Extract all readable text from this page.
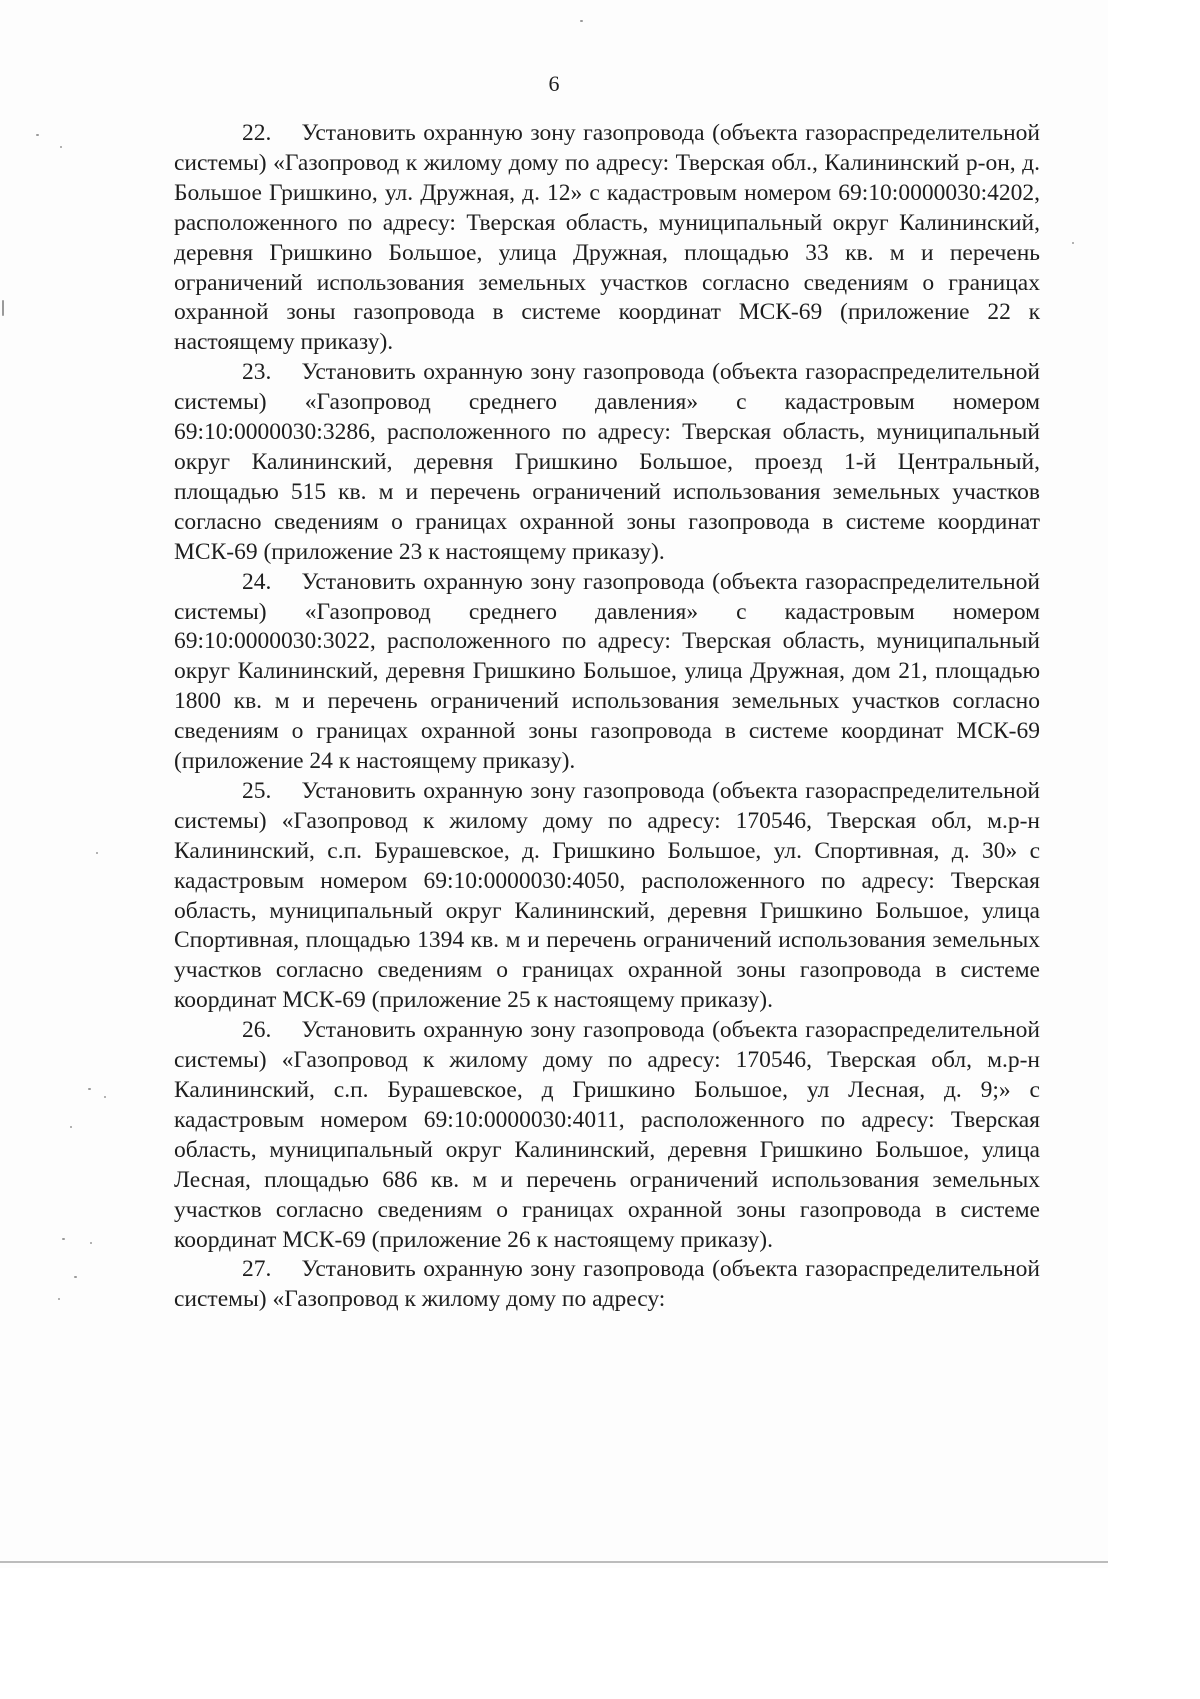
6

22.    Установить охранную зону газопровода (объекта газораспределительной системы) «Газопровод к жилому дому по адресу: Тверская обл., Калининский р-он, д. Большое Гришкино, ул. Дружная, д. 12» с кадастровым номером 69:10:0000030:4202, расположенного по адресу: Тверская область, муниципальный округ Калининский, деревня Гришкино Большое, улица Дружная, площадью 33 кв. м и перечень ограничений использования земельных участков согласно сведениям о границах охранной зоны газопровода в системе координат МСК-69 (приложение 22 к настоящему приказу).

23.    Установить охранную зону газопровода (объекта газораспределительной системы) «Газопровод среднего давления» с кадастровым номером 69:10:0000030:3286, расположенного по адресу: Тверская область, муниципальный округ Калининский, деревня Гришкино Большое, проезд 1-й Центральный, площадью 515 кв. м и перечень ограничений использования земельных участков согласно сведениям о границах охранной зоны газопровода в системе координат МСК-69 (приложение 23 к настоящему приказу).

24.    Установить охранную зону газопровода (объекта газораспределительной системы) «Газопровод среднего давления» с кадастровым номером 69:10:0000030:3022, расположенного по адресу: Тверская область, муниципальный округ Калининский, деревня Гришкино Большое, улица Дружная, дом 21, площадью 1800 кв. м и перечень ограничений использования земельных участков согласно сведениям о границах охранной зоны газопровода в системе координат МСК-69 (приложение 24 к настоящему приказу).

25.    Установить охранную зону газопровода (объекта газораспределительной системы) «Газопровод к жилому дому по адресу: 170546, Тверская обл, м.р-н Калининский, с.п. Бурашевское, д. Гришкино Большое, ул. Спортивная, д. 30» с кадастровым номером 69:10:0000030:4050, расположенного по адресу: Тверская область, муниципальный округ Калининский, деревня Гришкино Большое, улица Спортивная, площадью 1394 кв. м и перечень ограничений использования земельных участков согласно сведениям о границах охранной зоны газопровода в системе координат МСК-69 (приложение 25 к настоящему приказу).

26.    Установить охранную зону газопровода (объекта газораспределительной системы) «Газопровод к жилому дому по адресу: 170546, Тверская обл, м.р-н Калининский, с.п. Бурашевское, д Гришкино Большое, ул Лесная, д. 9;» с кадастровым номером 69:10:0000030:4011, расположенного по адресу: Тверская область, муниципальный округ Калининский, деревня Гришкино Большое, улица Лесная, площадью 686 кв. м и перечень ограничений использования земельных участков согласно сведениям о границах охранной зоны газопровода в системе координат МСК-69 (приложение 26 к настоящему приказу).

27.    Установить охранную зону газопровода (объекта газораспределительной системы) «Газопровод к жилому дому по адресу:
